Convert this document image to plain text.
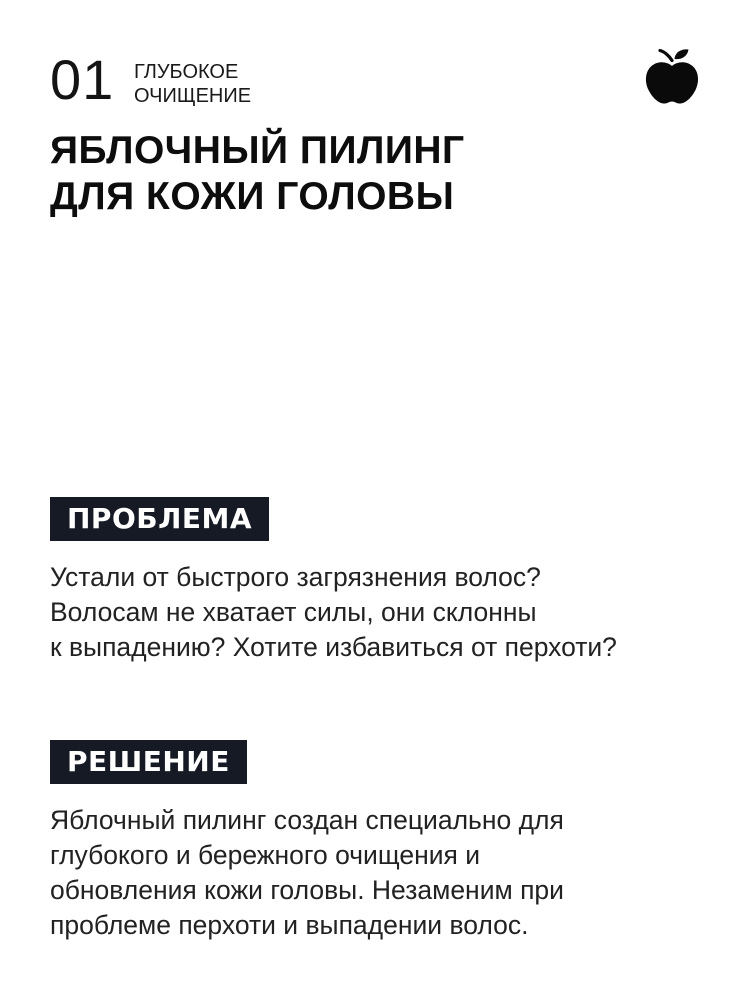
01 ГЛУБОКОЕ
ОЧИЩЕНИЕ
ЯБЛОЧНЫЙ ПИЛИНГ
ДЛЯ КОЖИ ГОЛОВЫ
ПРОБЛЕМА
Устали от быстрого загрязнения волос?
Волосам не хватает силы, они склонны
к выпадению? Хотите избавиться от перхоти?
РЕШЕНИЕ
Яблочный пилинг создан специально для
глубокого и бережного очищения и
обновления кожи головы. Незаменим при
проблеме перхоти и выпадении волос.
